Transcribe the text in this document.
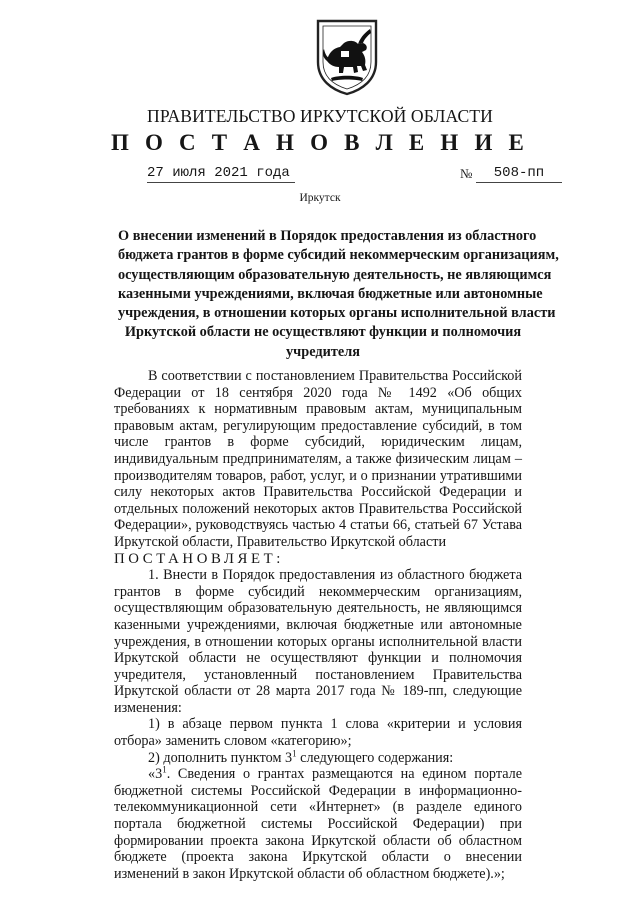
ПРАВИТЕЛЬСТВО ИРКУТСКОЙ ОБЛАСТИ
П О С Т А Н О В Л Е Н И Е
27 июля 2021 года	№	508-пп
Иркутск
О внесении изменений в Порядок предоставления из областного
бюджета грантов в форме субсидий некоммерческим организациям,
осуществляющим образовательную деятельность, не являющимся
казенными учреждениями, включая бюджетные или автономные
учреждения, в отношении которых органы исполнительной власти
Иркутской области не осуществляют функции и полномочия
учредителя

В соответствии с постановлением Правительства Российской Федерации от 18 сентября 2020 года № 1492 «Об общих требованиях к нормативным правовым актам, муниципальным правовым актам, регулирующим предоставление субсидий, в том числе грантов в форме субсидий, юридическим лицам, индивидуальным предпринимателям, а также физическим лицам – производителям товаров, работ, услуг, и о признании утратившими силу некоторых актов Правительства Российской Федерации и отдельных положений некоторых актов Правительства Российской Федерации», руководствуясь частью 4 статьи 66, статьей 67 Устава Иркутской области, Правительство Иркутской области

ПОСТАНОВЛЯЕТ:

1. Внести в Порядок предоставления из областного бюджета грантов в форме субсидий некоммерческим организациям, осуществляющим образовательную деятельность, не являющимся казенными учреждениями, включая бюджетные или автономные учреждения, в отношении которых органы исполнительной власти Иркутской области не осуществляют функции и полномочия учредителя, установленный постановлением Правительства Иркутской области от 28 марта 2017 года № 189-пп, следующие изменения:

1) в абзаце первом пункта 1 слова «критерии и условия отбора» заменить словом «категорию»;

2) дополнить пунктом $3^1$ следующего содержания:

«$3^1$. Сведения о грантах размещаются на едином портале бюджетной системы Российской Федерации в информационно-телекоммуникационной сети «Интернет» (в разделе единого портала бюджетной системы Российской Федерации) при формировании проекта закона Иркутской области об областном бюджете (проекта закона Иркутской области о внесении изменений в закон Иркутской области об областном бюджете).»;
